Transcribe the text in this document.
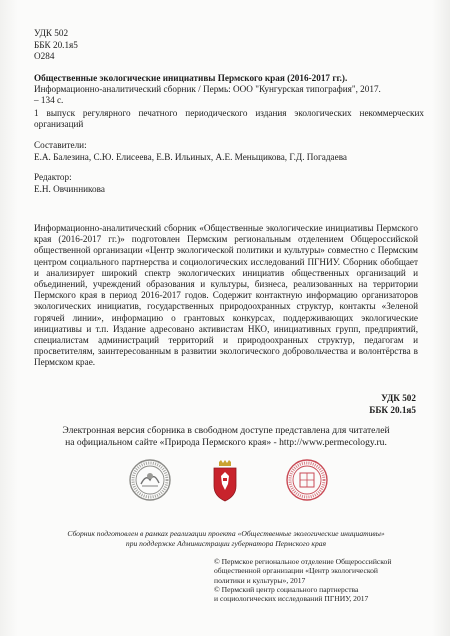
УДК 502
ББК 20.1я5
О284
Общественные экологические инициативы Пермского края (2016-2017 гг.).
Информационно-аналитический сборник / Пермь: ООО "Кунгурская типография", 2017.
– 134 с.
1 выпуск регулярного печатного периодического издания экологических некоммерческих организаций
Составители:
Е.А. Балезина, С.Ю. Елисеева, Е.В. Ильиных, А.Е. Меньщикова, Г.Д. Погадаева
Редактор:
Е.Н. Овчинникова
Информационно-аналитический сборник «Общественные экологические инициативы Пермского края (2016-2017 гг.)» подготовлен Пермским региональным отделением Общероссийской общественной организации «Центр экологической политики и культуры» совместно с Пермским центром социального партнерства и социологических исследований ПГНИУ. Сборник обобщает и анализирует широкий спектр экологических инициатив общественных организаций и объединений, учреждений образования и культуры, бизнеса, реализованных на территории Пермского края в период 2016-2017 годов. Содержит контактную информацию организаторов экологических инициатив, государственных природоохранных структур, контакты «Зеленой горячей линии», информацию о грантовых конкурсах, поддерживающих экологические инициативы и т.п. Издание адресовано активистам НКО, инициативных групп, предприятий, специалистам администраций территорий и природоохранных структур, педагогам и просветителям, заинтересованным в развитии экологического добровольчества и волонтёрства в Пермском крае.
УДК 502
ББК 20.1я5
Электронная версия сборника в свободном доступе представлена для читателей
на официальном сайте «Природа Пермского края» - http://www.permecology.ru.
Сборник подготовлен в рамках реализации проекта «Общественные экологические инициативы»
при поддержке Администрации губернатора Пермского края
© Пермское региональное отделение Общероссийской
общественной организации «Центр экологической
политики и культуры», 2017
© Пермский центр социального партнерства
и социологических исследований ПГНИУ, 2017
